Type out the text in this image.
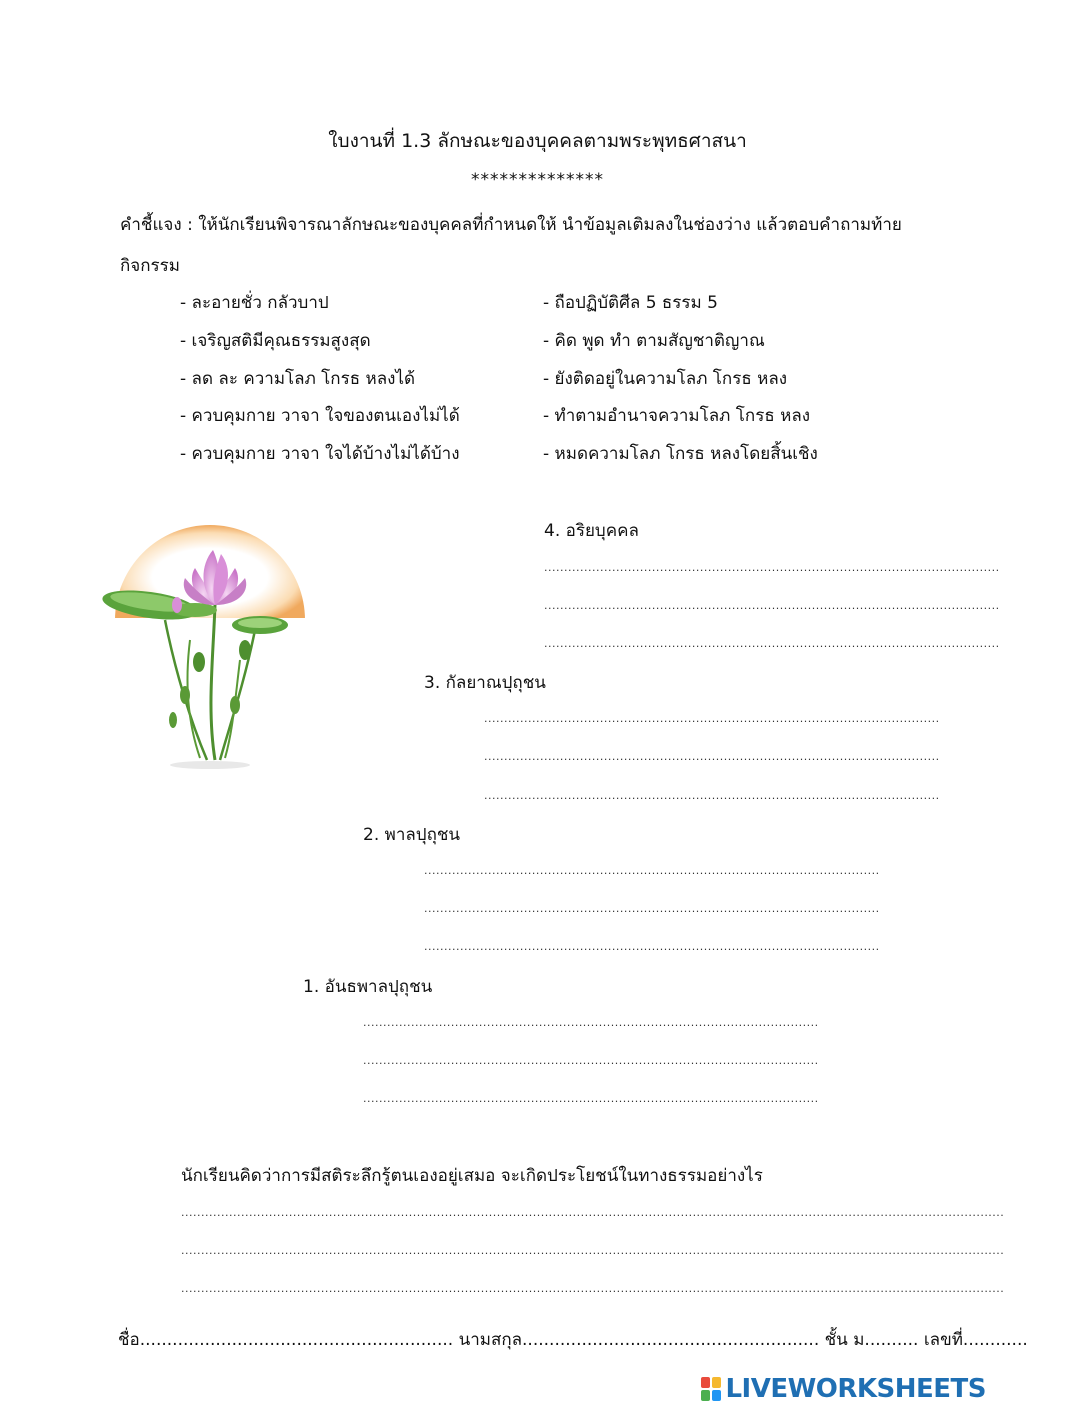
ใบงานที่ 1.3 ลักษณะของบุคคลตามพระพุทธศาสนา
**************
คำชี้แจง : ให้นักเรียนพิจารณาลักษณะของบุคคลที่กำหนดให้ นำข้อมูลเติมลงในช่องว่าง แล้วตอบคำถามท้าย
กิจกรรม
- ละอายชั่ว กลัวบาป
- เจริญสติมีคุณธรรมสูงสุด
- ลด ละ ความโลภ โกรธ หลงได้
- ควบคุมกาย วาจา ใจของตนเองไม่ได้
- ควบคุมกาย วาจา ใจได้บ้างไม่ได้บ้าง
- ถือปฏิบัติศีล 5 ธรรม 5
- คิด พูด ทำ ตามสัญชาติญาณ
- ยังติดอยู่ในความโลภ โกรธ หลง
- ทำตามอำนาจความโลภ โกรธ หลง
- หมดความโลภ โกรธ หลงโดยสิ้นเชิง
4. อริยบุคคล
..................................................................................................................
..................................................................................................................
..................................................................................................................
3. กัลยาณปุถุชน
..................................................................................................................
..................................................................................................................
..................................................................................................................
2. พาลปุถุชน
..................................................................................................................
..................................................................................................................
..................................................................................................................
1. อันธพาลปุถุชน
..................................................................................................................
..................................................................................................................
..................................................................................................................
นักเรียนคิดว่าการมีสติระลึกรู้ตนเองอยู่เสมอ จะเกิดประโยชน์ในทางธรรมอย่างไร
..............................................................................................................................................................................................................
..............................................................................................................................................................................................................
..............................................................................................................................................................................................................
ชื่อ.......................................................... นามสกุล....................................................... ชั้น ม.......... เลขที่............
LIVEWORKSHEETS
